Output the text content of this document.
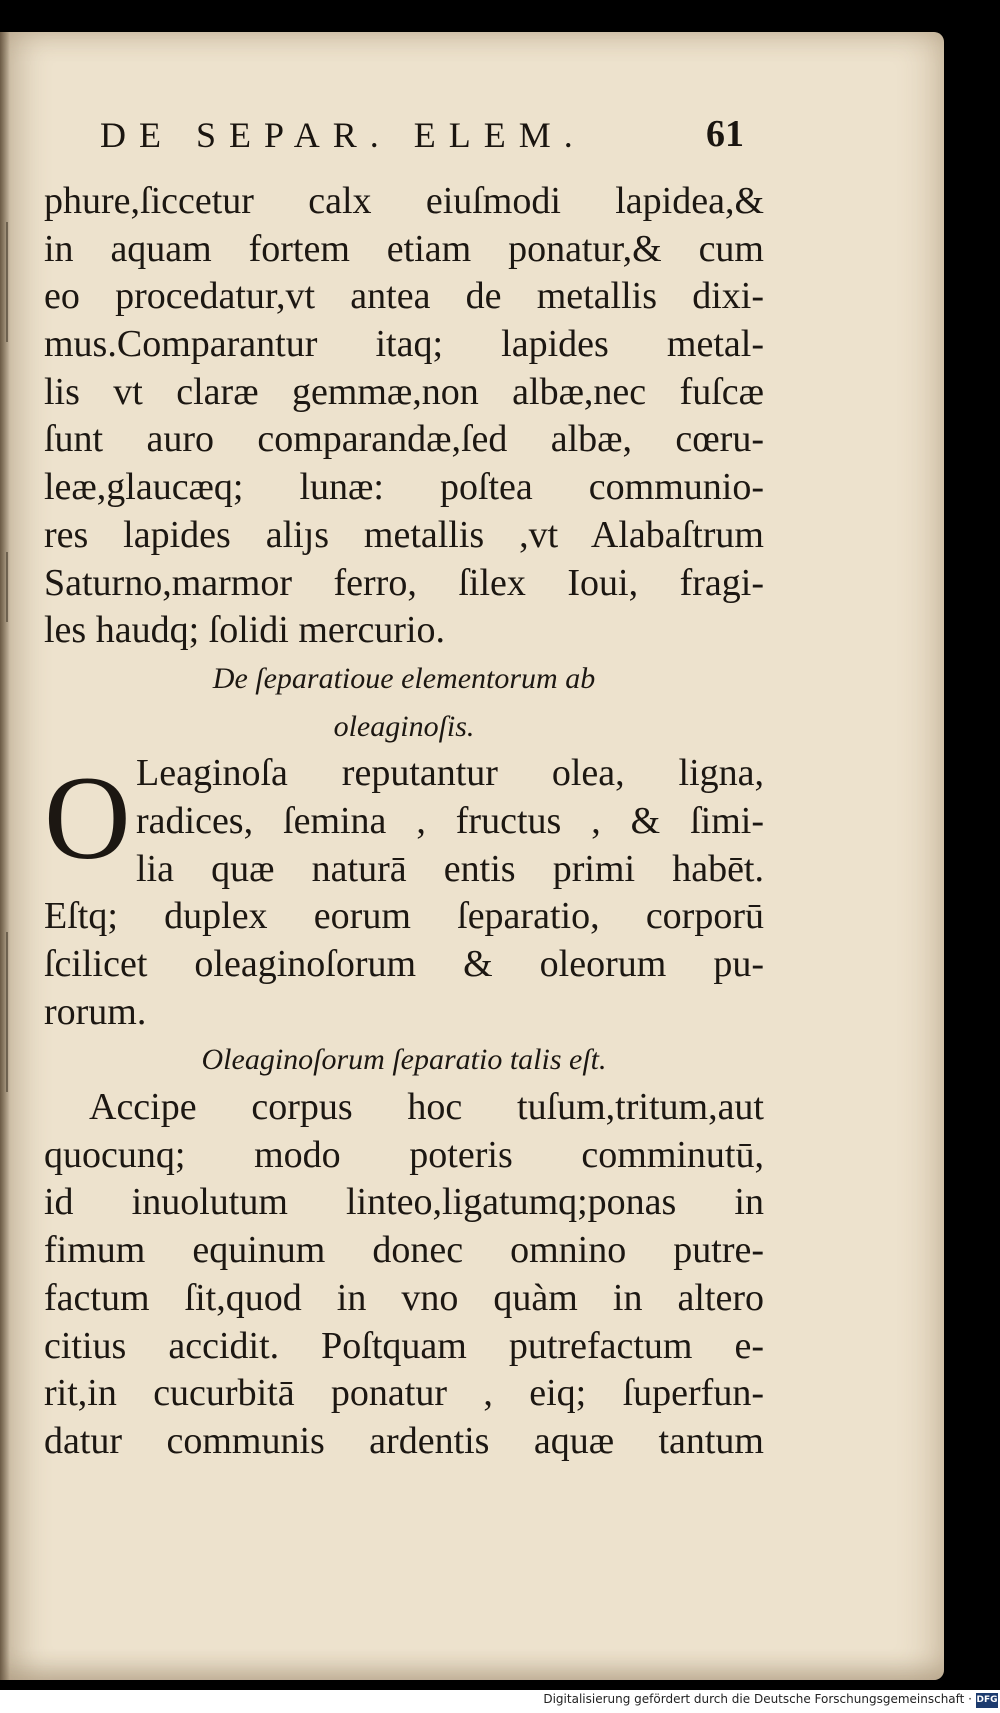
DE SEPAR. ELEM.	61
phure,ſiccetur calx eiuſmodi lapidea,&
in aquam fortem etiam ponatur,& cum
eo procedatur,vt antea de metallis dixi-
mus.Comparantur itaq; lapides metal-
lis vt claræ gemmæ,non albæ,nec fuſcæ
ſunt auro comparandæ,ſed albæ, cœru-
leæ,glaucæq; lunæ: poſtea communio-
res lapides aliȷs metallis ,vt Alabaſtrum
Saturno,marmor ferro, ſilex Ioui, fragi-
les haudq; ſolidi mercurio.
De ſeparatioue elementorum ab
oleaginoſis.
O Leaginoſa reputantur olea, ligna,
radices, ſemina , fructus , & ſimi-
lia quæ naturā entis primi habēt.
Eſtq; duplex eorum ſeparatio, corporū
ſcilicet oleaginoſorum & oleorum pu-
rorum.
Oleaginoſorum ſeparatio talis eſt.
Accipe corpus hoc tuſum,tritum,aut
quocunq; modo poteris comminutū,
id inuolutum linteo,ligatumq;ponas in
fimum equinum donec omnino putre-
factum ſit,quod in vno quàm in altero
citius accidit. Poſtquam putrefactum e-
rit,in cucurbitā ponatur , eiq; ſuperfun-
datur communis ardentis aquæ tantum
Digitalisierung gefördert durch die Deutsche Forschungsgemeinschaft · DFG
